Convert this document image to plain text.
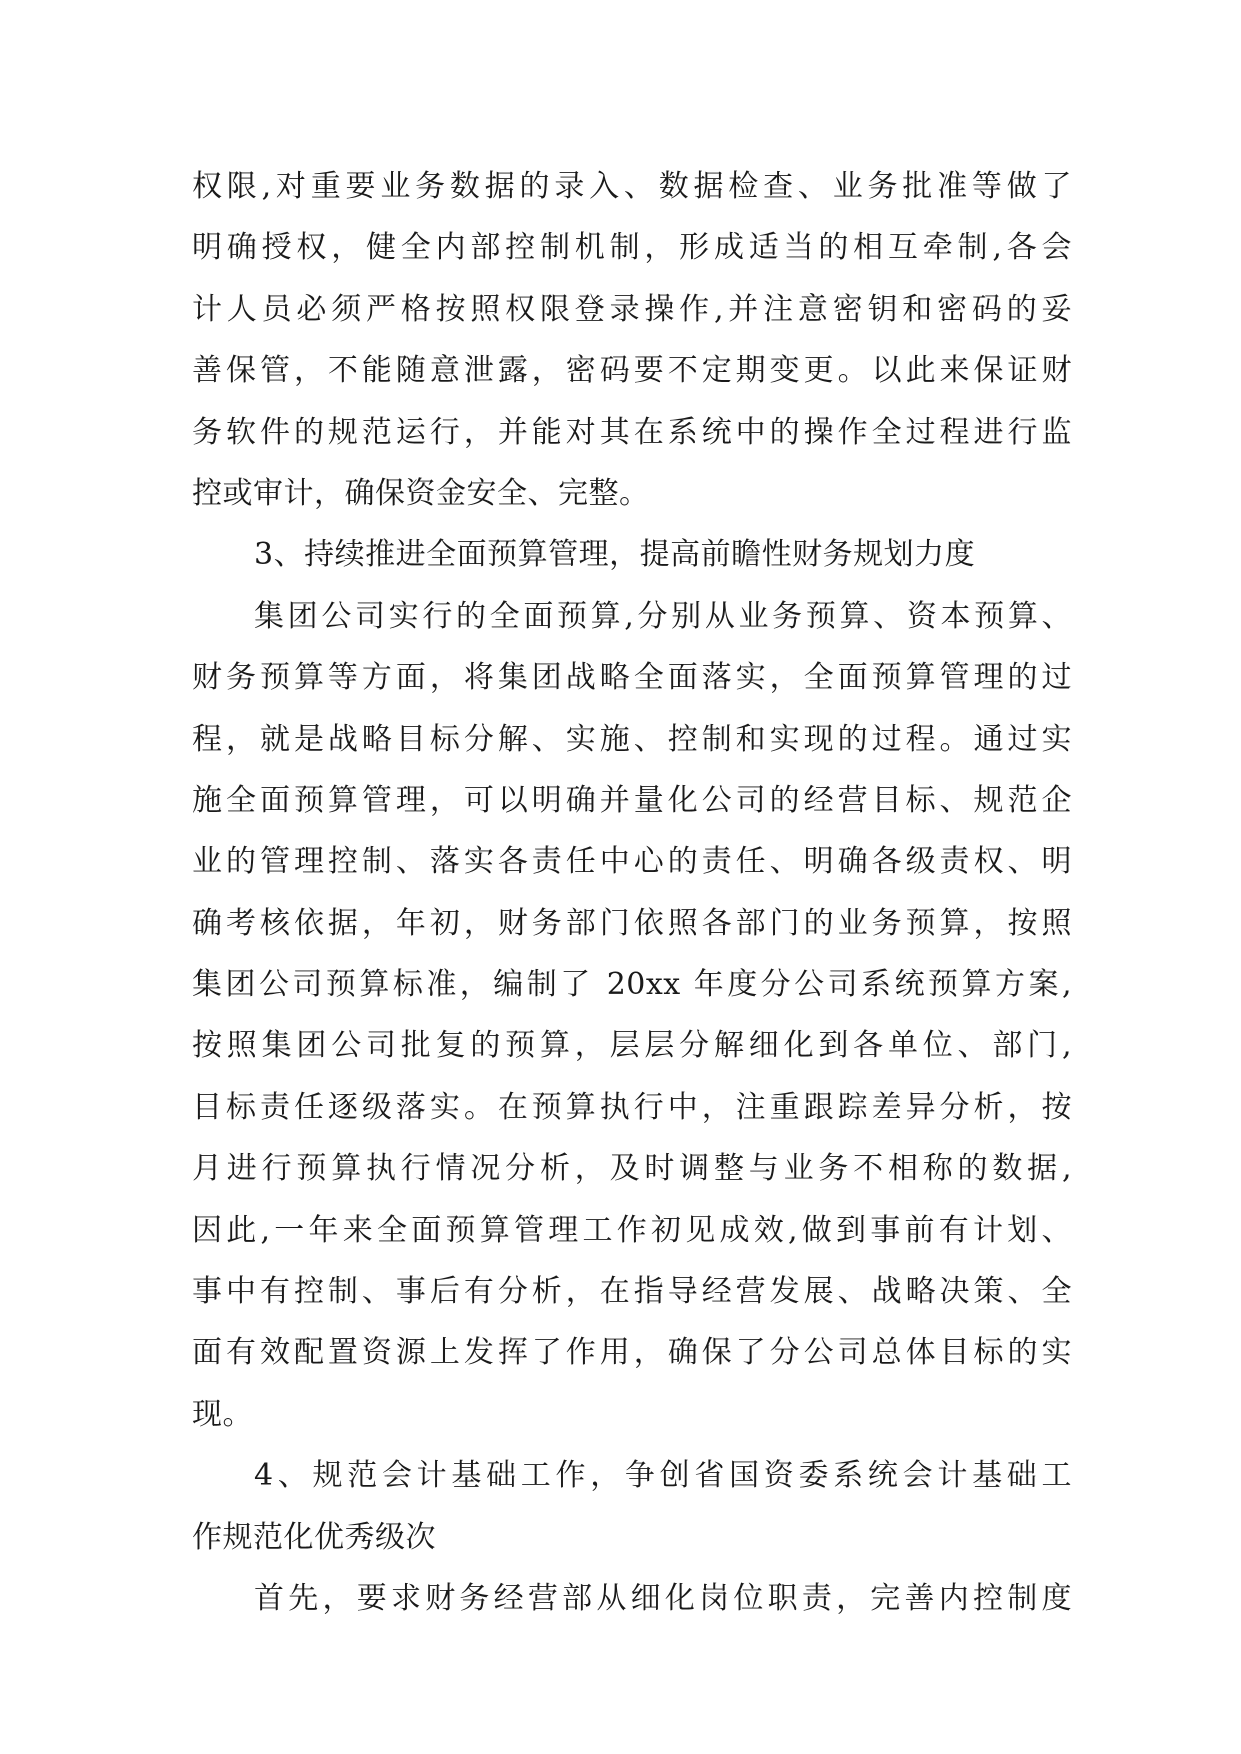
权限,对重要业务数据的录入、数据检查、业务批准等做了
明确授权，健全内部控制机制，形成适当的相互牵制,各会
计人员必须严格按照权限登录操作,并注意密钥和密码的妥
善保管，不能随意泄露，密码要不定期变更。以此来保证财
务软件的规范运行，并能对其在系统中的操作全过程进行监
控或审计，确保资金安全、完整。
3、持续推进全面预算管理，提高前瞻性财务规划力度
集团公司实行的全面预算,分别从业务预算、资本预算、
财务预算等方面，将集团战略全面落实，全面预算管理的过
程，就是战略目标分解、实施、控制和实现的过程。通过实
施全面预算管理，可以明确并量化公司的经营目标、规范企
业的管理控制、落实各责任中心的责任、明确各级责权、明
确考核依据，年初，财务部门依照各部门的业务预算，按照
集团公司预算标准，编制了 20xx 年度分公司系统预算方案,
按照集团公司批复的预算，层层分解细化到各单位、部门,
目标责任逐级落实。在预算执行中，注重跟踪差异分析，按
月进行预算执行情况分析，及时调整与业务不相称的数据,
因此,一年来全面预算管理工作初见成效,做到事前有计划、
事中有控制、事后有分析，在指导经营发展、战略决策、全
面有效配置资源上发挥了作用，确保了分公司总体目标的实
现。
4、规范会计基础工作，争创省国资委系统会计基础工
作规范化优秀级次
首先，要求财务经营部从细化岗位职责，完善内控制度
